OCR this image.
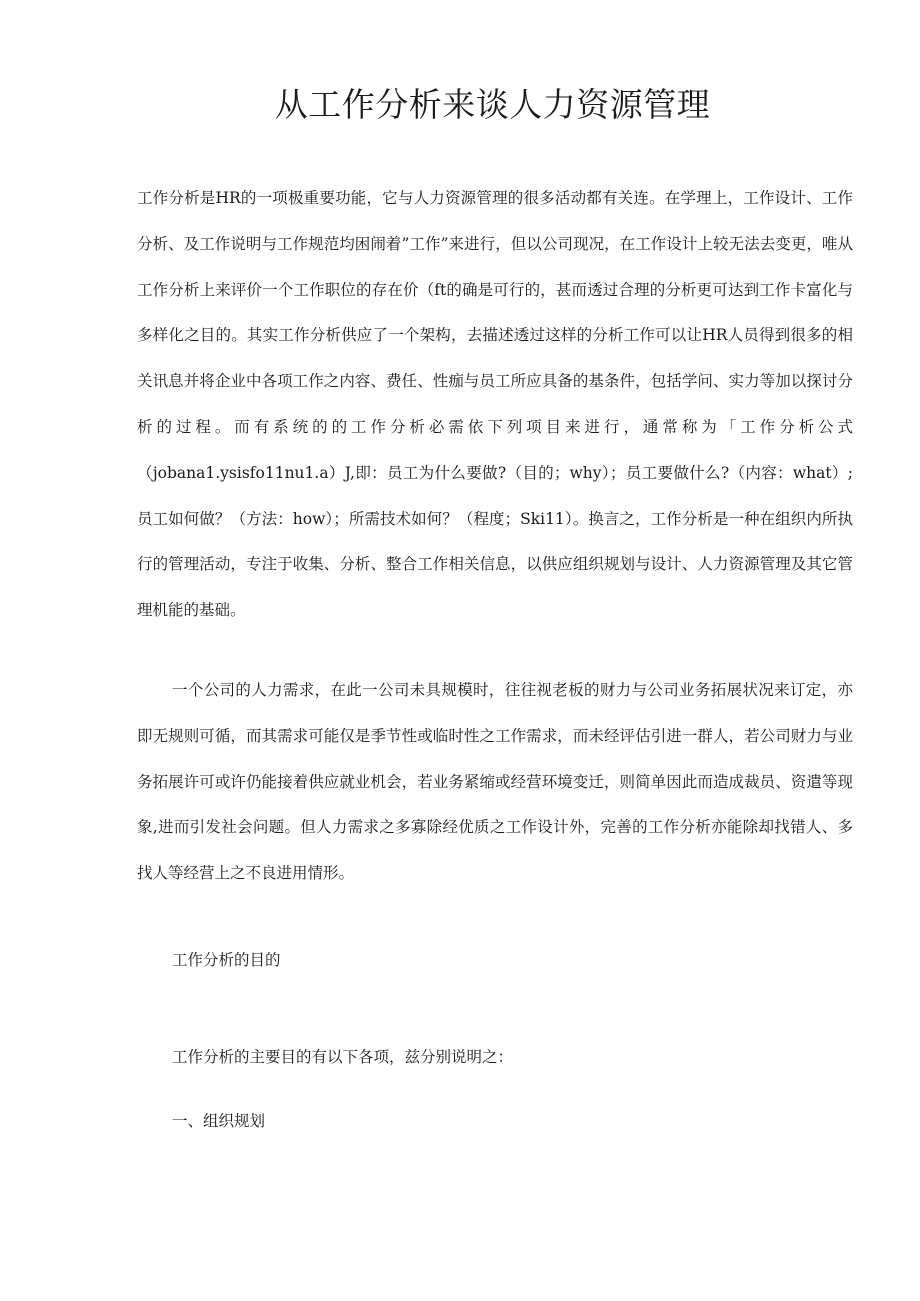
从工作分析来谈人力资源管理

工作分析是HR的一项极重要功能，它与人力资源管理的很多活动都有关连。在学理上，工作设计、工作分析、及工作说明与工作规范均困闹着”工作”来进行，但以公司现况，在工作设计上较无法去变更，唯从工作分析上来评价一个工作职位的存在价（ft的确是可行的，甚而透过合理的分析更可达到工作卡富化与多样化之目的。其实工作分析供应了一个架构，去描述透过这样的分析工作可以让HR人员得到很多的相关讯息并将企业中各项工作之内容、费任、性痂与员工所应具备的基条件，包括学问、实力等加以探讨分析的过程。而有系统的的工作分析必需依下列项目来进行，通常称为「工作分析公式（jobana1.ysisfo11nu1.a）J,即：员工为什么要做?（目的；why）；员工要做什么?（内容：what）;员工如何做？（方法：how）；所需技术如何？（程度；Ski11）。换言之，工作分析是一种在组织内所执行的管理活动，专注于收集、分析、整合工作相关信息，以供应组织规划与设计、人力资源管理及其它管理机能的基础。

一个公司的人力需求，在此一公司未具规模时，往往视老板的财力与公司业务拓展状况来订定，亦即无规则可循，而其需求可能仅是季节性或临时性之工作需求，而未经评估引进一群人，若公司财力与业务拓展许可或许仍能接着供应就业机会，若业务紧缩或经营环境变迁，则简单因此而造成裁员、资遣等现象,进而引发社会问题。但人力需求之多寡除经优质之工作设计外，完善的工作分析亦能除却找错人、多找人等经营上之不良进用情形。

工作分析的目的

工作分析的主要目的有以下各项，兹分别说明之：

一、组织规划
